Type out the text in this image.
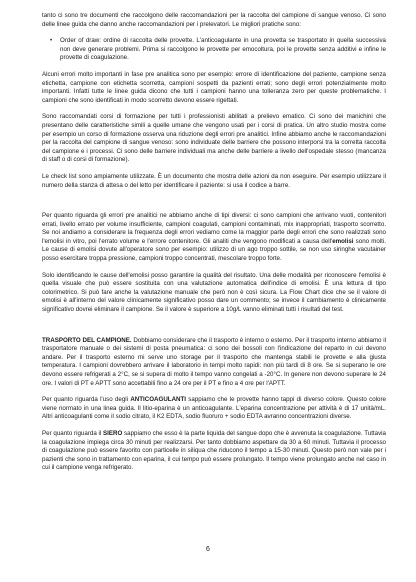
tanto ci sono tre documenti che raccolgono delle raccomandazioni per la raccolta del campione di sangue venoso. Ci sono delle linee guida che danno anche raccomandazioni per i prelevatori. Le migliori pratiche sono:

• Order of draw: ordine di raccolta delle provette. L'anticoagulante in una provetta se trasportato in quella successiva non deve generare problemi. Prima si raccolgono le provette per emocoltura, poi le provette senza additivi e infine le provette di coagulazione.

Alcuni errori molto importanti in fase pre analitica sono per esempio: errore di identificazione del paziente, campione senza etichetta, campione con etichetta scorretta, campioni sospetti da pazienti errati; sono degli errori potenzialmente molto importanti. Infatti tutte le linee guida dicono che tutti i campioni hanno una tolleranza zero per queste problematiche. I campioni che sono identificati in modo scorretto devono essere rigettati.

Sono raccomandati corsi di formazione per tutti i professionisti abilitati a prelievo ematico. Ci sono dei manichini che presentano delle caratteristiche simili a quelle umane che vengono usati per i corsi di pratica. Un altro studio mostra come per esempio un corso di formazione osserva una riduzione degli errori pre analitici. Infine abbiamo anche le raccomandazioni per la raccolta del campione di sangue venoso: sono individuate delle barriere che possono interporsi tra la corretta raccolta del campione e i processi. Ci sono delle barriere individuali ma anche delle barriere a livello dell'ospedale stesso (mancanza di staff o di corsi di formazione).

Le check list sono ampiamente utilizzate. È un documento che mostra delle azioni da non eseguire. Per esempio utilizzare il numero della stanza di attesa o del letto per identificare il paziente: si usa il codice a barre.

Per quanto riguarda gli errori pre analitici ne abbiamo anche di tipi diversi: ci sono campioni che arrivano vuoti, contenitori errati, livello errato per volume insufficiente, campioni coagulati, campioni contaminati, mix inappropriati, trasporto scorretto. Se noi andiamo a considerare la frequenza degli errori vediamo come la maggior parte degli errori che sono realizzati sono l'emolisi in vitro, poi l'errato volume e l'errore contenitore. Gli analiti che vengono modificati a causa dell'emolisi sono molti. Le cause di emolisi dovute all'operatore sono per esempio: utilizzo di un ago troppo sottile, se non uso siringhe vacutainer posso esercitare troppa pressione, campioni troppo concentrati, mescolare troppo forte.

Solo identificando le cause dell'emolisi posso garantire la qualità del risultato. Una delle modalità per riconoscere l'emolisi è quella visuale che può essere sostituita con una valutazione automatica dell'indice di emolisi. È una lettura di tipo colorimetrico. Si può fare anche la valutazione manuale che però non è così sicura. La Flow Chart dice che se il valore di emolisi è all'interno del valore clinicamente significativo posso dare un commento; se invece il cambiamento è clinicamente significativo dovrei eliminare il campione. Se il valore è superiore a 10g/L vanno eliminati tutti i risultati del test.

TRASPORTO DEL CAMPIONE. Dobbiamo considerare che il trasporto è interno o esterno. Per il trasporto interno abbiamo il trasportatore manuale o dei sistemi di posta pneumatica: ci sono dei bossoli con l'indicazione del reparto in cui devono andare. Per il trasporto esterno mi serve uno storage per il trasporto che mantenga stabili le provette e alla giusta temperatura. I campioni dovrebbero arrivare il laboratorio in tempi molto rapidi: non più tardi di 8 ore. Se si superano le ore devono essere refrigerati a 2°C, se si supera di molto il tempo vanno congelati a -20°C. In genere non devono superare le 24 ore. I valori di PT e APTT sono accettabili fino a 24 ore per il PT e fino a 4 ore per l'APTT.

Per quanto riguarda l'uso degli ANTICOAGULANTI sappiamo che le provette hanno tappi di diverso colore. Questo colore viene normato in una linea guida. Il litio-eparina è un anticoagulante. L'eparina concentrazione per attività è di 17 unità/mL. Altri anticoagulanti come il sodio citrato, il K2 EDTA, sodio fluoruro + sodio EDTA avranno concentrazioni diverse.

Per quanto riguarda il SIERO sappiamo che esso è la parte liquida del sangue dopo che è avvenuta la coagulazione. Tuttavia la coagulazione impiega circa 30 minuti per realizzarsi. Per tanto dobbiamo aspettare da 30 a 60 minuti. Tuttavia il processo di coagulazione può essere favorito con particelle in siliqua che riducono il tempo a 15-30 minuti. Questo però non vale per i pazienti che sono in trattamento con eparina, il cui tempo può essere prolungato. Il tempo viene prolungato anche nel caso in cui il campione venga refrigerato.

6
